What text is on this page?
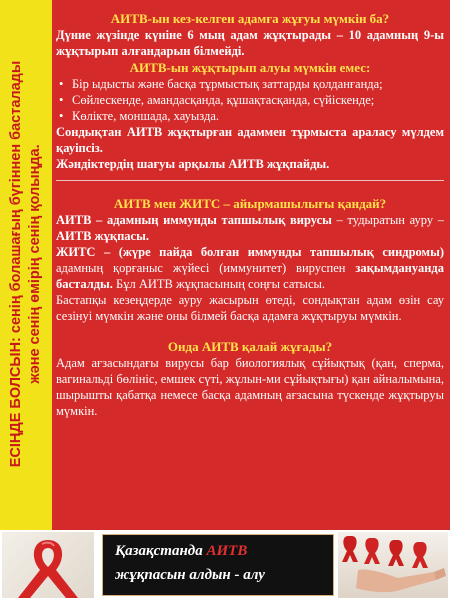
ЕСІҢДЕ БОЛСЫН: сенің болашағың бүгіннен басталады және сенің өмірің сенің қолыңда.

АИТВ-ын кез-келген адамға жұғуы мүмкін ба?

Дүние жүзінде күніне 6 мың адам жұқтырады – 10 адамның 9-ы жұқтырып алғандарын білмейді.

АИТВ-ын жұқтырып алуы мүмкін емес:

• Бір ыдысты және басқа тұрмыстық заттарды қолданғанда;
• Сөйлескенде, амандасқанда, құшақтасқанда, сүйіскенде;
• Көлікте, моншада, хауызда.

Сондықтан АИТВ жұқтырған адаммен тұрмыста аралас‌у мүлдем қауіпсіз.

Жәндіктердің шағуы арқылы АИТВ жұқпайды.

АИТВ мен ЖИТС – айырмашылығы қандай?

АИТВ – адамның иммунды тапшылық вирусы – тудыратын ауру – АИТВ жұқпасы.

ЖИТС – (жүре пайда болған иммунды тапшылық синдромы) адамның қорғаныс жүйесі (иммунитет) вируспен зақымдануанда басталды. Бұл АИТВ жұқпасының соңғы сатысы.

Бастапқы кезеңдерде ауру жасырын өтеді, сондықтан адам өзін сау сезінуі мүмкін және оны білмей басқа адамға жұқтыруы мүмкін.

Онда АИТВ қалай жұғады?

Адам ағзасындағы вирусы бар биологиялық сұйықтық (қан, сперма, вагинальді бөлініс, емшек сүті, жұлын-ми сұйықтығы) қан айналымына, шырышты қабатқа немесе басқа адамның ағзасына түскенде жұқтыруы мүмкін.

Қазақстанда АИТВ
жұқпасын алдын - алу
